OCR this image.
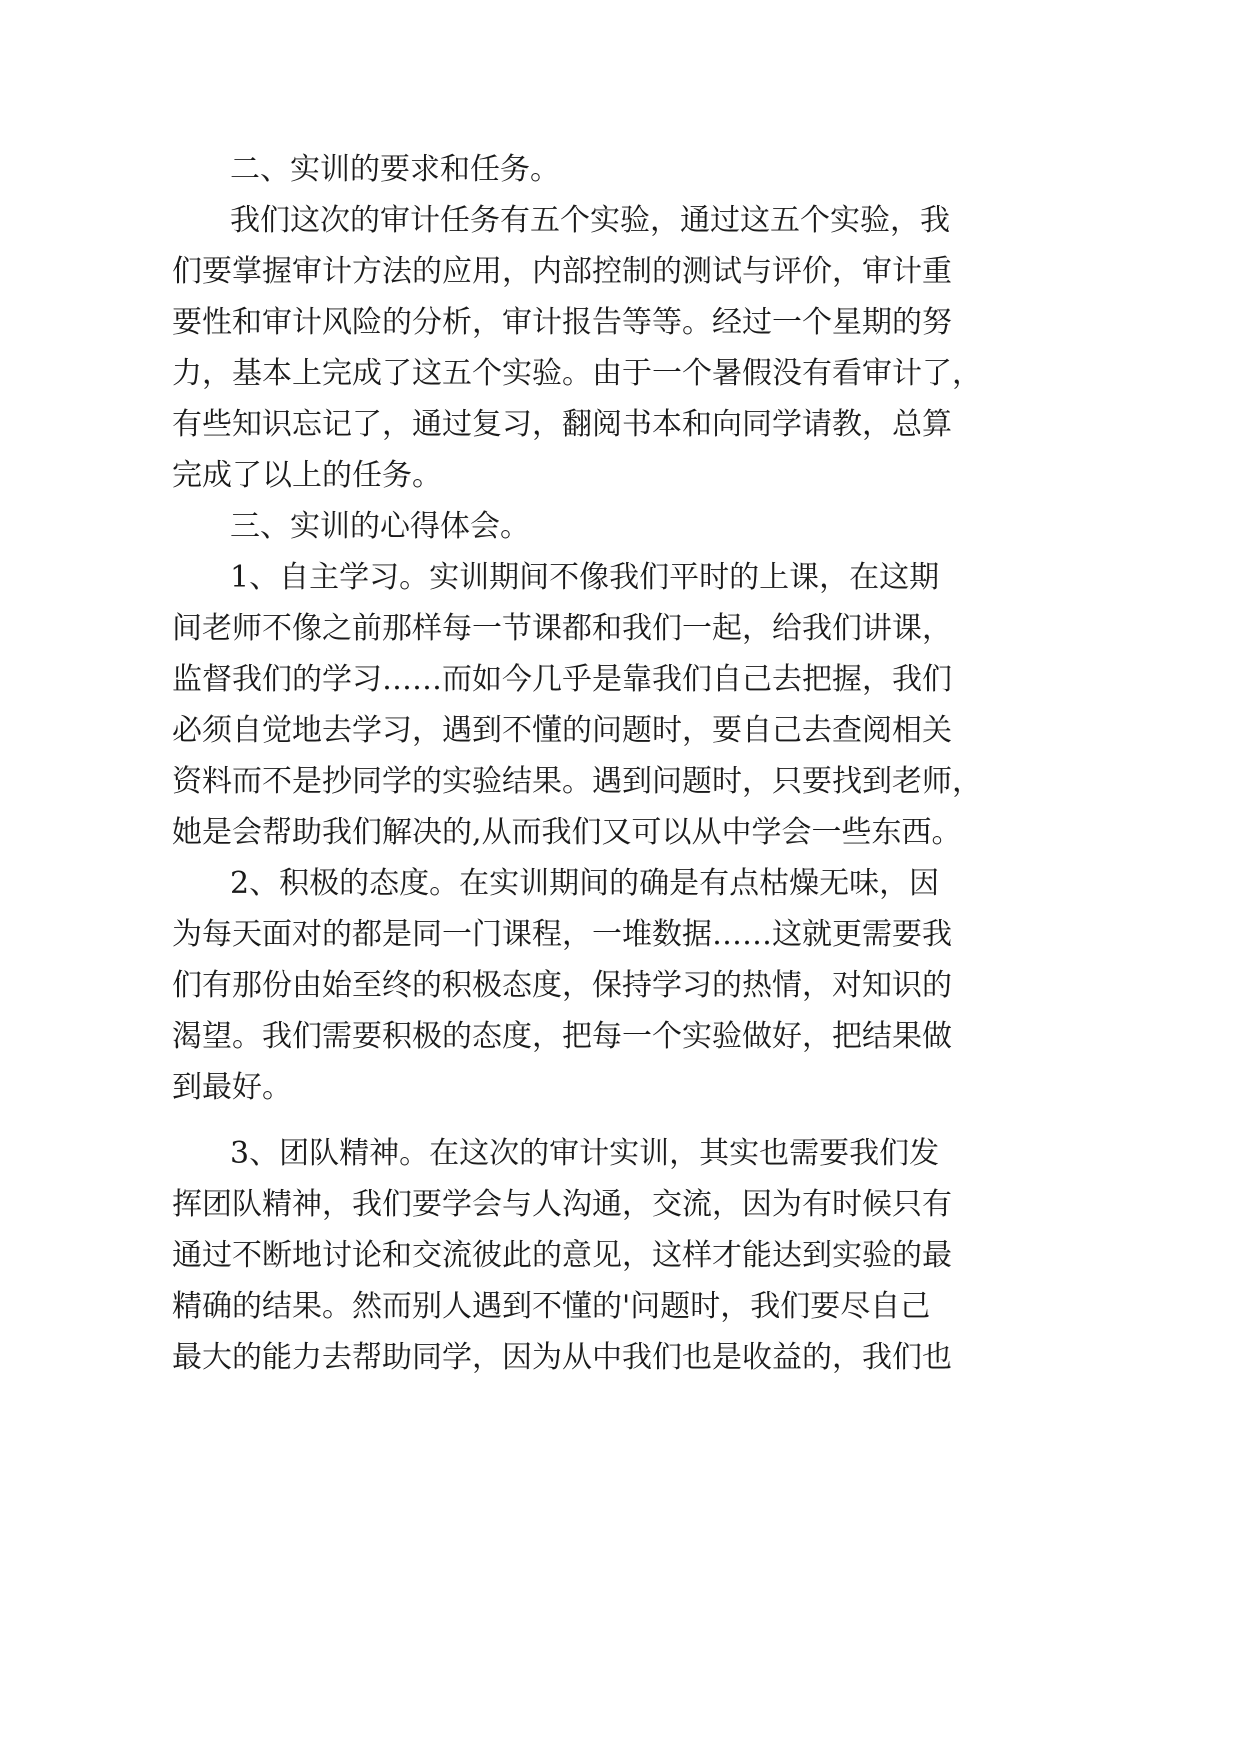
二、实训的要求和任务。
我们这次的审计任务有五个实验，通过这五个实验，我
们要掌握审计方法的应用，内部控制的测试与评价，审计重
要性和审计风险的分析，审计报告等等。经过一个星期的努
力，基本上完成了这五个实验。由于一个暑假没有看审计了，
有些知识忘记了，通过复习，翻阅书本和向同学请教，总算
完成了以上的任务。
三、实训的心得体会。
1、自主学习。实训期间不像我们平时的上课，在这期
间老师不像之前那样每一节课都和我们一起，给我们讲课，
监督我们的学习……而如今几乎是靠我们自己去把握，我们
必须自觉地去学习，遇到不懂的问题时，要自己去查阅相关
资料而不是抄同学的实验结果。遇到问题时，只要找到老师，
她是会帮助我们解决的,从而我们又可以从中学会一些东西。
2、积极的态度。在实训期间的确是有点枯燥无味，因
为每天面对的都是同一门课程，一堆数据……这就更需要我
们有那份由始至终的积极态度，保持学习的热情，对知识的
渴望。我们需要积极的态度，把每一个实验做好，把结果做
到最好。
3、团队精神。在这次的审计实训，其实也需要我们发
挥团队精神，我们要学会与人沟通，交流，因为有时候只有
通过不断地讨论和交流彼此的意见，这样才能达到实验的最
精确的结果。然而别人遇到不懂的'问题时，我们要尽自己
最大的能力去帮助同学，因为从中我们也是收益的，我们也
